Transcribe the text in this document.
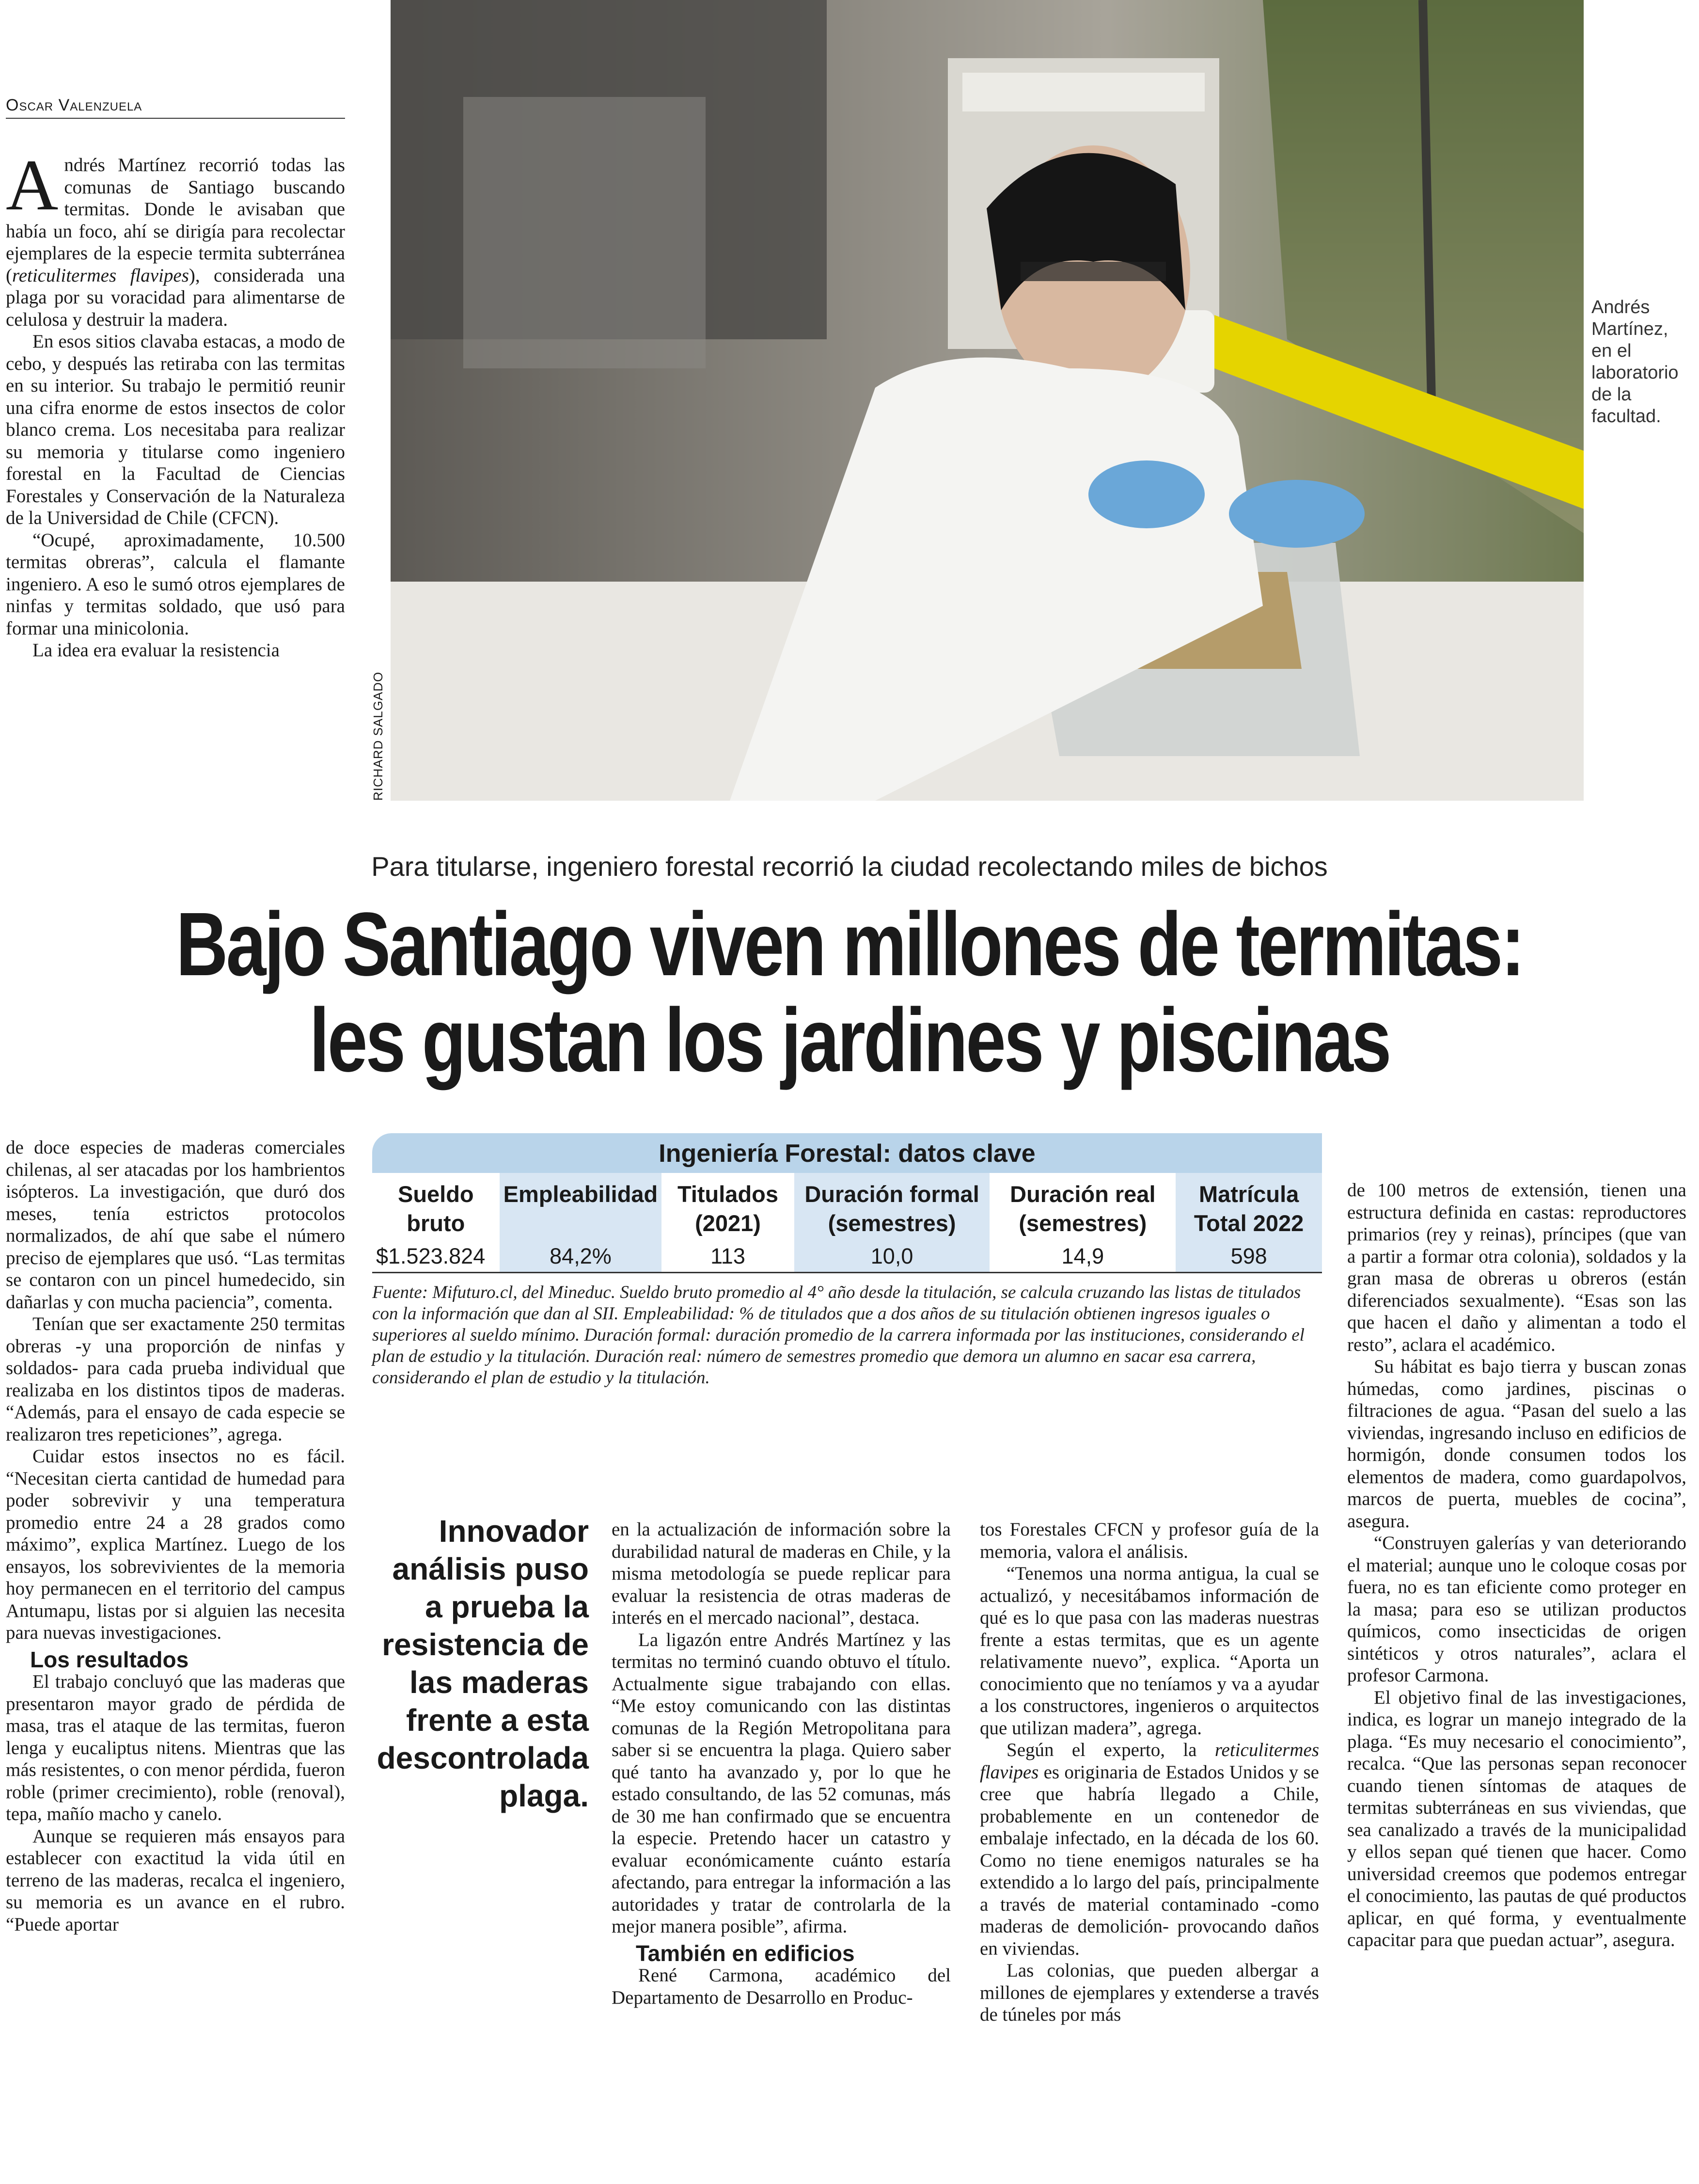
Oscar Valenzuela

Andrés Martínez recorrió todas las comunas de Santiago buscando termitas. Donde le avisaban que había un foco, ahí se dirigía para recolectar ejemplares de la especie termita subterránea (reticulitermes flavipes), considerada una plaga por su voracidad para alimentarse de celulosa y destruir la madera.

En esos sitios clavaba estacas, a modo de cebo, y después las retiraba con las termitas en su interior. Su trabajo le permitió reunir una cifra enorme de estos insectos de color blanco crema. Los necesitaba para realizar su memoria y titularse como ingeniero forestal en la Facultad de Ciencias Forestales y Conservación de la Naturaleza de la Universidad de Chile (CFCN).

“Ocupé, aproximadamente, 10.500 termitas obreras”, calcula el flamante ingeniero. A eso le sumó otros ejemplares de ninfas y termitas soldado, que usó para formar una minicolonia.

La idea era evaluar la resistencia

RICHARD SALGADO
Andrés Martínez, en el laboratorio de la facultad.
Para titularse, ingeniero forestal recorrió la ciudad recolectando miles de bichos
Bajo Santiago viven millones de termitas:
les gustan los jardines y piscinas

de doce especies de maderas comerciales chilenas, al ser atacadas por los hambrientos isópteros. La investigación, que duró dos meses, tenía estrictos protocolos normalizados, de ahí que sabe el número preciso de ejemplares que usó. “Las termitas se contaron con un pincel humedecido, sin dañarlas y con mucha paciencia”, comenta.

Tenían que ser exactamente 250 termitas obreras -y una proporción de ninfas y soldados- para cada prueba individual que realizaba en los distintos tipos de maderas. “Además, para el ensayo de cada especie se realizaron tres repeticiones”, agrega.

Cuidar estos insectos no es fácil. “Necesitan cierta cantidad de humedad para poder sobrevivir y una temperatura promedio entre 24 a 28 grados como máximo”, explica Martínez. Luego de los ensayos, los sobrevivientes de la memoria hoy permanecen en el territorio del campus Antumapu, listas por si alguien las necesita para nuevas investigaciones.

Los resultados

El trabajo concluyó que las maderas que presentaron mayor grado de pérdida de masa, tras el ataque de las termitas, fueron lenga y eucaliptus nitens. Mientras que las más resistentes, o con menor pérdida, fueron roble (primer crecimiento), roble (renoval), tepa, mañío macho y canelo.

Aunque se requieren más ensayos para establecer con exactitud la vida útil en terreno de las maderas, recalca el ingeniero, su memoria es un avance en el rubro. “Puede aportar

Ingeniería Forestal: datos clave
Sueldo bruto	Empleabilidad	Titulados (2021)	Duración formal (semestres)	Duración real (semestres)	Matrícula Total 2022
$1.523.824	84,2%	113	10,0	14,9	598
Fuente: Mifuturo.cl, del Mineduc. Sueldo bruto promedio al 4° año desde la titulación, se calcula cruzando las listas de titulados con la información que dan al SII. Empleabilidad: % de titulados que a dos años de su titulación obtienen ingresos iguales o superiores al sueldo mínimo. Duración formal: duración promedio de la carrera informada por las instituciones, considerando el plan de estudio y la titulación. Duración real: número de semestres promedio que demora un alumno en sacar esa carrera, considerando el plan de estudio y la titulación.
Innovador análisis puso a prueba la resistencia de las maderas frente a esta descontrolada plaga.

en la actualización de información sobre la durabilidad natural de maderas en Chile, y la misma metodología se puede replicar para evaluar la resistencia de otras maderas de interés en el mercado nacional”, destaca.

La ligazón entre Andrés Martínez y las termitas no terminó cuando obtuvo el título. Actualmente sigue trabajando con ellas. “Me estoy comunicando con las distintas comunas de la Región Metropolitana para saber si se encuentra la plaga. Quiero saber qué tanto ha avanzado y, por lo que he estado consultando, de las 52 comunas, más de 30 me han confirmado que se encuentra la especie. Pretendo hacer un catastro y evaluar económicamente cuánto estaría afectando, para entregar la información a las autoridades y tratar de controlarla de la mejor manera posible”, afirma.

También en edificios

René Carmona, académico del Departamento de Desarrollo en Produc-

tos Forestales CFCN y profesor guía de la memoria, valora el análisis.

“Tenemos una norma antigua, la cual se actualizó, y necesitábamos información de qué es lo que pasa con las maderas nuestras frente a estas termitas, que es un agente relativamente nuevo”, explica. “Aporta un conocimiento que no teníamos y va a ayudar a los constructores, ingenieros o arquitectos que utilizan madera”, agrega.

Según el experto, la reticulitermes flavipes es originaria de Estados Unidos y se cree que habría llegado a Chile, probablemente en un contenedor de embalaje infectado, en la década de los 60. Como no tiene enemigos naturales se ha extendido a lo largo del país, principalmente a través de material contaminado -como maderas de demolición- provocando daños en viviendas.

Las colonias, que pueden albergar a millones de ejemplares y extenderse a través de túneles por más

de 100 metros de extensión, tienen una estructura definida en castas: reproductores primarios (rey y reinas), príncipes (que van a partir a formar otra colonia), soldados y la gran masa de obreras u obreros (están diferenciados sexualmente). “Esas son las que hacen el daño y alimentan a todo el resto”, aclara el académico.

Su hábitat es bajo tierra y buscan zonas húmedas, como jardines, piscinas o filtraciones de agua. “Pasan del suelo a las viviendas, ingresando incluso en edificios de hormigón, donde consumen todos los elementos de madera, como guardapolvos, marcos de puerta, muebles de cocina”, asegura.

“Construyen galerías y van deteriorando el material; aunque uno le coloque cosas por fuera, no es tan eficiente como proteger en la masa; para eso se utilizan productos químicos, como insecticidas de origen sintéticos y otros naturales”, aclara el profesor Carmona.

El objetivo final de las investigaciones, indica, es lograr un manejo integrado de la plaga. “Es muy necesario el conocimiento”, recalca. “Que las personas sepan reconocer cuando tienen síntomas de ataques de termitas subterráneas en sus viviendas, que sea canalizado a través de la municipalidad y ellos sepan qué tienen que hacer. Como universidad creemos que podemos entregar el conocimiento, las pautas de qué productos aplicar, en qué forma, y eventualmente capacitar para que puedan actuar”, asegura.
